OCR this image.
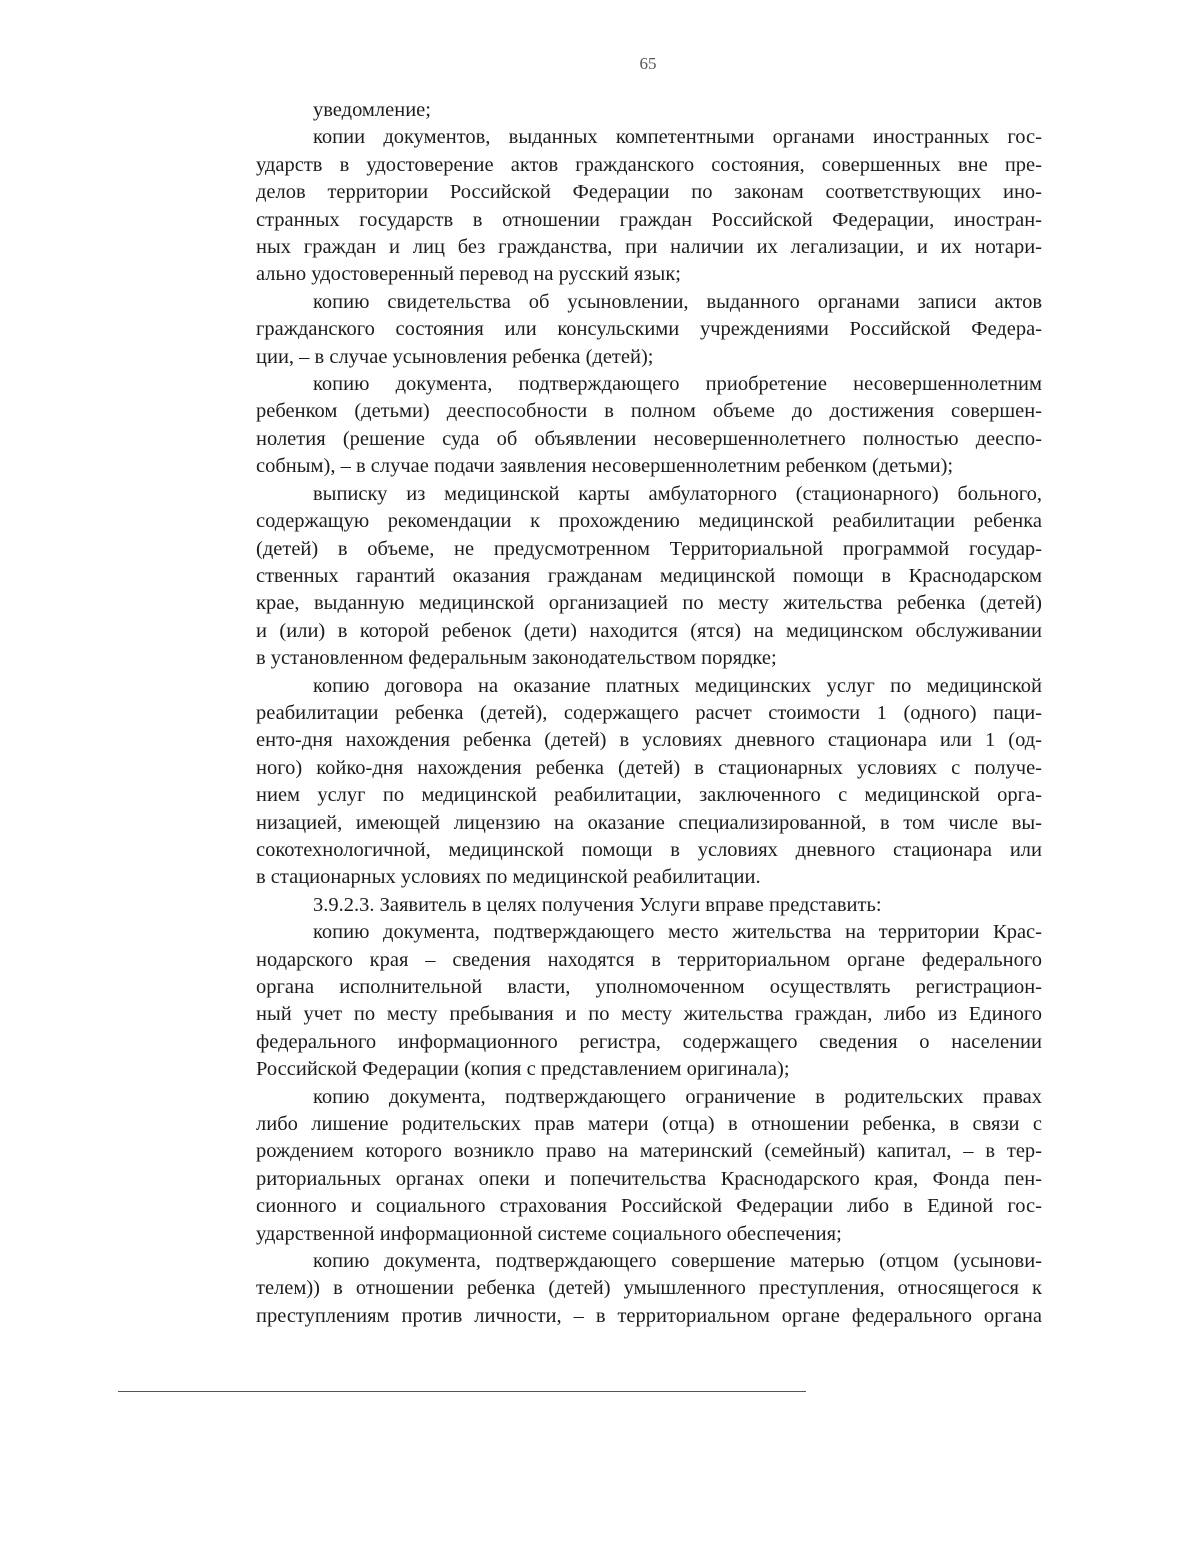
65
уведомление;
копии документов, выданных компетентными органами иностранных гос-
ударств в удостоверение актов гражданского состояния, совершенных вне пре-
делов территории Российской Федерации по законам соответствующих ино-
странных государств в отношении граждан Российской Федерации, иностран-
ных граждан и лиц без гражданства, при наличии их легализации, и их нотари-
ально удостоверенный перевод на русский язык;
копию свидетельства об усыновлении, выданного органами записи актов
гражданского состояния или консульскими учреждениями Российской Федера-
ции, – в случае усыновления ребенка (детей);
копию документа, подтверждающего приобретение несовершеннолетним
ребенком (детьми) дееспособности в полном объеме до достижения совершен-
нолетия (решение суда об объявлении несовершеннолетнего полностью дееспо-
собным), – в случае подачи заявления несовершеннолетним ребенком (детьми);
выписку из медицинской карты амбулаторного (стационарного) больного,
содержащую рекомендации к прохождению медицинской реабилитации ребенка
(детей) в объеме, не предусмотренном Территориальной программой государ-
ственных гарантий оказания гражданам медицинской помощи в Краснодарском
крае, выданную медицинской организацией по месту жительства ребенка (детей)
и (или) в которой ребенок (дети) находится (ятся) на медицинском обслуживании
в установленном федеральным законодательством порядке;
копию договора на оказание платных медицинских услуг по медицинской
реабилитации ребенка (детей), содержащего расчет стоимости 1 (одного) паци-
енто-дня нахождения ребенка (детей) в условиях дневного стационара или 1 (од-
ного) койко-дня нахождения ребенка (детей) в стационарных условиях с получе-
нием услуг по медицинской реабилитации, заключенного с медицинской орга-
низацией, имеющей лицензию на оказание специализированной, в том числе вы-
сокотехнологичной, медицинской помощи в условиях дневного стационара или
в стационарных условиях по медицинской реабилитации.
3.9.2.3. Заявитель в целях получения Услуги вправе представить:
копию документа, подтверждающего место жительства на территории Крас-
нодарского края – сведения находятся в территориальном органе федерального
органа исполнительной власти, уполномоченном осуществлять регистрацион-
ный учет по месту пребывания и по месту жительства граждан, либо из Единого
федерального информационного регистра, содержащего сведения о населении
Российской Федерации (копия с представлением оригинала);
копию документа, подтверждающего ограничение в родительских правах
либо лишение родительских прав матери (отца) в отношении ребенка, в связи с
рождением которого возникло право на материнский (семейный) капитал, – в тер-
риториальных органах опеки и попечительства Краснодарского края, Фонда пен-
сионного и социального страхования Российской Федерации либо в Единой гос-
ударственной информационной системе социального обеспечения;
копию документа, подтверждающего совершение матерью (отцом (усынови-
телем)) в отношении ребенка (детей) умышленного преступления, относящегося к
преступлениям против личности, – в территориальном органе федерального органа
